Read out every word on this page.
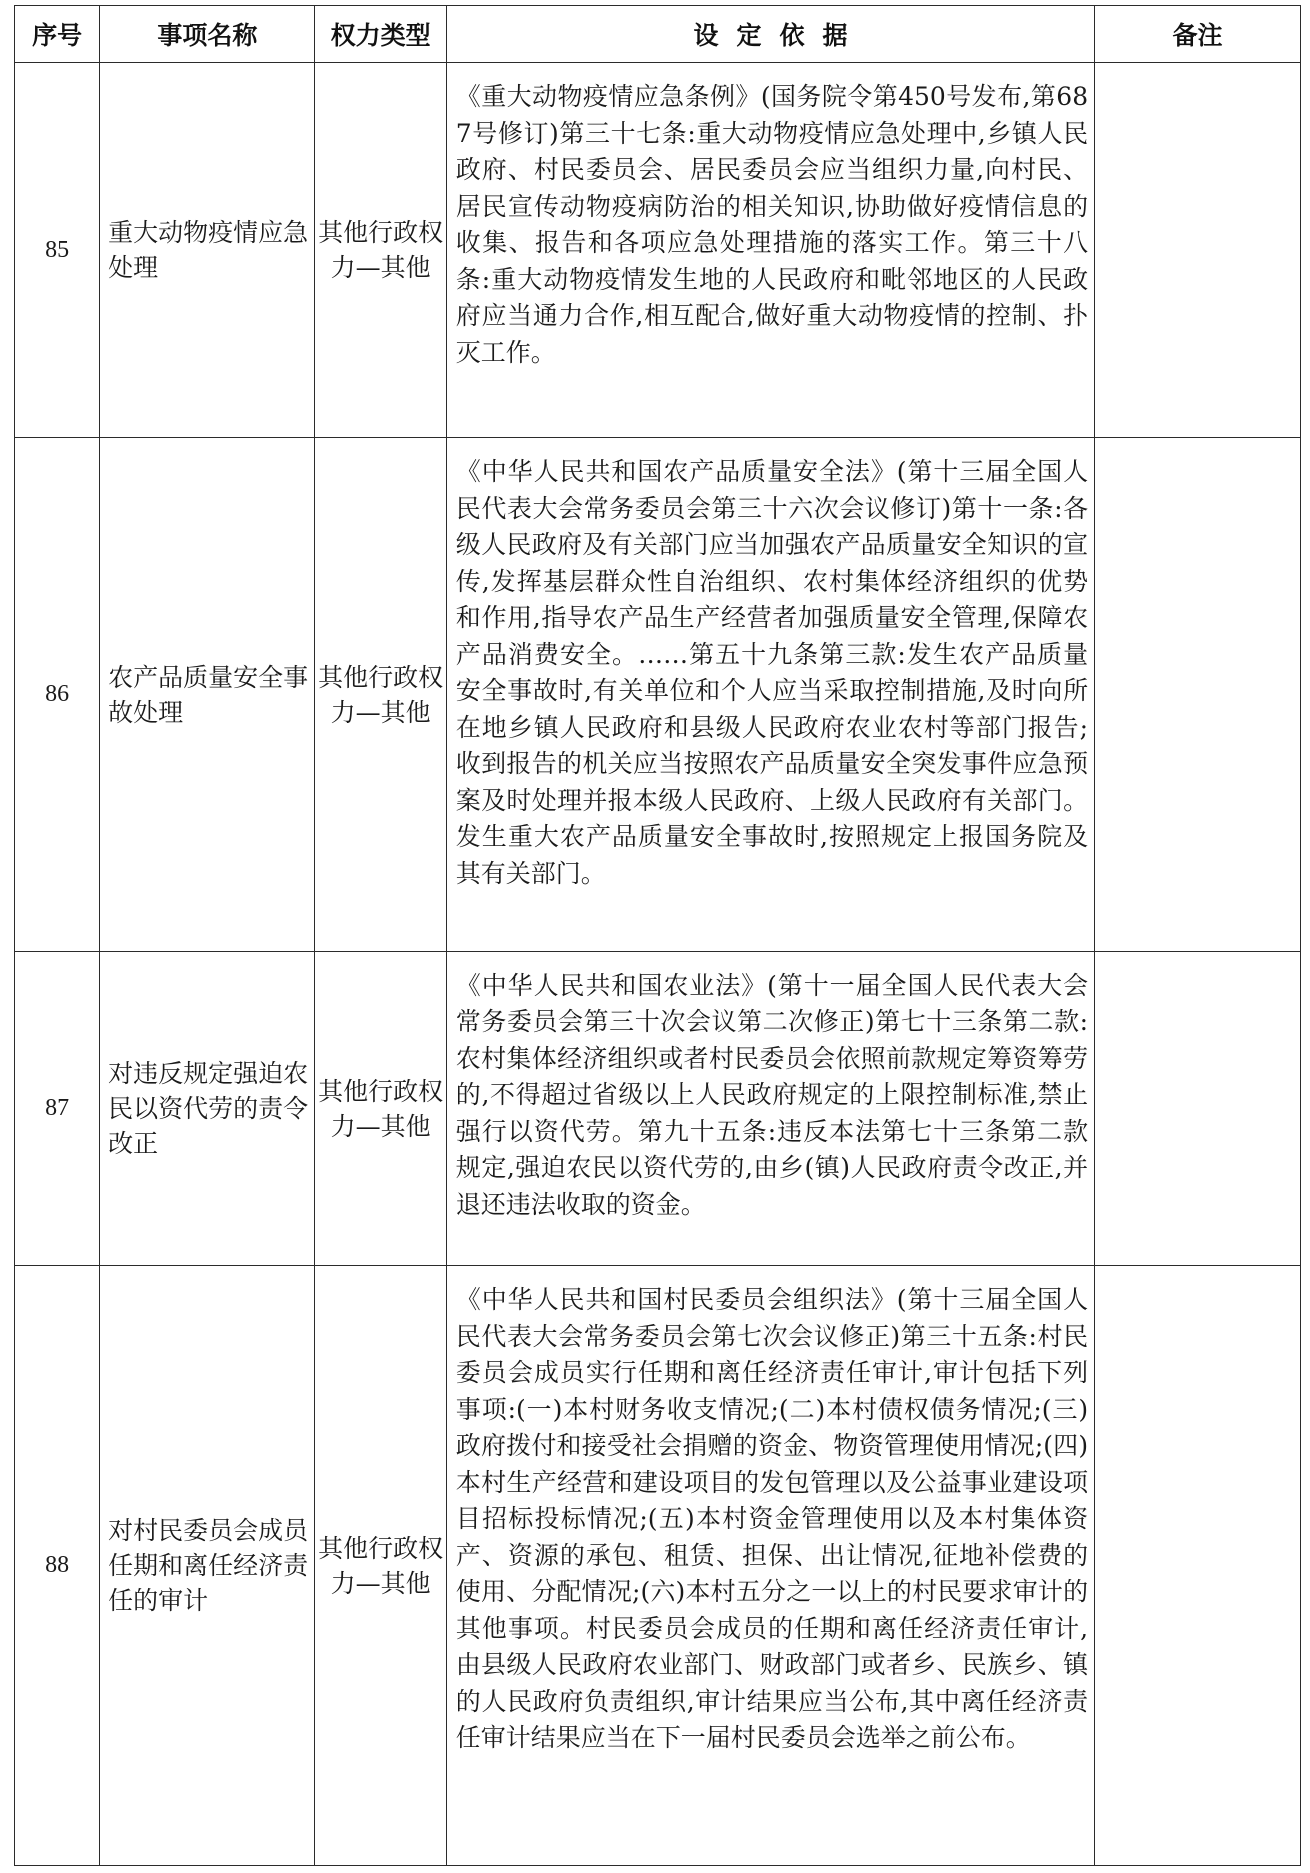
序号	事项名称	权力类型	设定依据	备注
85	重大动物疫情应急处理	其他行政权力—其他	《重大动物疫情应急条例》(国务院令第450号发布,第687号修订)第三十七条:重大动物疫情应急处理中,乡镇人民政府、村民委员会、居民委员会应当组织力量,向村民、居民宣传动物疫病防治的相关知识,协助做好疫情信息的收集、报告和各项应急处理措施的落实工作。第三十八条:重大动物疫情发生地的人民政府和毗邻地区的人民政府应当通力合作,相互配合,做好重大动物疫情的控制、扑灭工作。	
86	农产品质量安全事故处理	其他行政权力—其他	《中华人民共和国农产品质量安全法》(第十三届全国人民代表大会常务委员会第三十六次会议修订)第十一条:各级人民政府及有关部门应当加强农产品质量安全知识的宣传,发挥基层群众性自治组织、农村集体经济组织的优势和作用,指导农产品生产经营者加强质量安全管理,保障农产品消费安全。……第五十九条第三款:发生农产品质量安全事故时,有关单位和个人应当采取控制措施,及时向所在地乡镇人民政府和县级人民政府农业农村等部门报告;收到报告的机关应当按照农产品质量安全突发事件应急预案及时处理并报本级人民政府、上级人民政府有关部门。发生重大农产品质量安全事故时,按照规定上报国务院及其有关部门。	
87	对违反规定强迫农民以资代劳的责令改正	其他行政权力—其他	《中华人民共和国农业法》(第十一届全国人民代表大会常务委员会第三十次会议第二次修正)第七十三条第二款:农村集体经济组织或者村民委员会依照前款规定筹资筹劳的,不得超过省级以上人民政府规定的上限控制标准,禁止强行以资代劳。第九十五条:违反本法第七十三条第二款规定,强迫农民以资代劳的,由乡(镇)人民政府责令改正,并退还违法收取的资金。	
88	对村民委员会成员任期和离任经济责任的审计	其他行政权力—其他	《中华人民共和国村民委员会组织法》(第十三届全国人民代表大会常务委员会第七次会议修正)第三十五条:村民委员会成员实行任期和离任经济责任审计,审计包括下列事项:(一)本村财务收支情况;(二)本村债权债务情况;(三)政府拨付和接受社会捐赠的资金、物资管理使用情况;(四)本村生产经营和建设项目的发包管理以及公益事业建设项目招标投标情况;(五)本村资金管理使用以及本村集体资产、资源的承包、租赁、担保、出让情况,征地补偿费的使用、分配情况;(六)本村五分之一以上的村民要求审计的其他事项。村民委员会成员的任期和离任经济责任审计,由县级人民政府农业部门、财政部门或者乡、民族乡、镇的人民政府负责组织,审计结果应当公布,其中离任经济责任审计结果应当在下一届村民委员会选举之前公布。	
